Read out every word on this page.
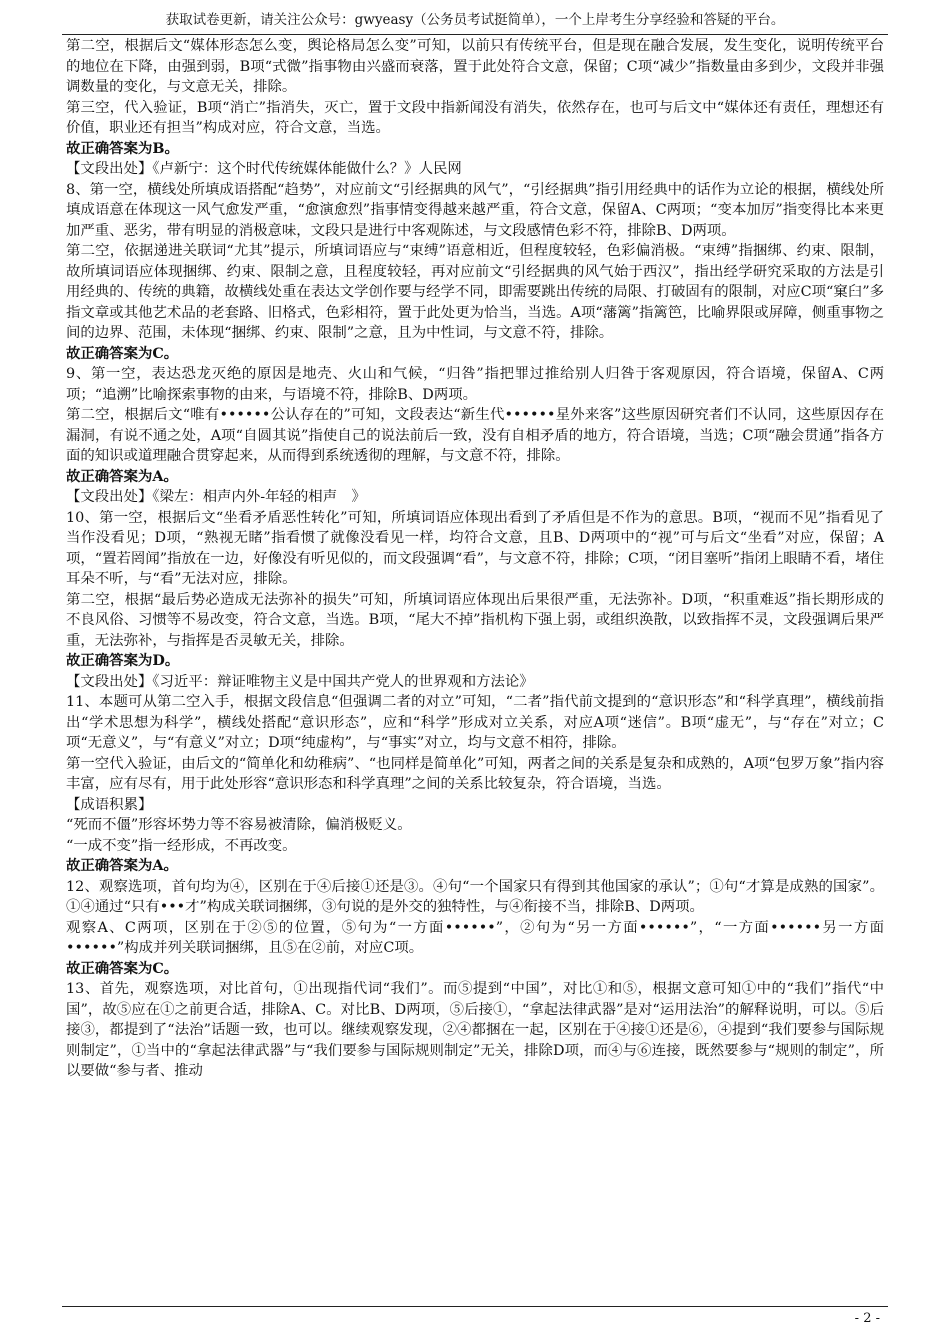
获取试卷更新，请关注公众号：gwyeasy（公务员考试挺简单），一个上岸考生分享经验和答疑的平台。

第二空，根据后文“媒体形态怎么变，舆论格局怎么变”可知，以前只有传统平台，但是现在融合发展，发生变化，说明传统平台的地位在下降，由强到弱，B项“式微”指事物由兴盛而衰落，置于此处符合文意，保留；C项“减少”指数量由多到少，文段并非强调数量的变化，与文意无关，排除。

第三空，代入验证，B项“消亡”指消失，灭亡，置于文段中指新闻没有消失，依然存在，也可与后文中“媒体还有责任，理想还有价值，职业还有担当”构成对应，符合文意，当选。

故正确答案为B。

【文段出处】《卢新宁：这个时代传统媒体能做什么？》人民网

8、第一空，横线处所填成语搭配“趋势”，对应前文“引经据典的风气”，“引经据典”指引用经典中的话作为立论的根据，横线处所填成语意在体现这一风气愈发严重，“愈演愈烈”指事情变得越来越严重，符合文意，保留A、C两项；“变本加厉”指变得比本来更加严重、恶劣，带有明显的消极意味，文段只是进行中客观陈述，与文段感情色彩不符，排除B、D两项。

第二空，依据递进关联词“尤其”提示，所填词语应与“束缚”语意相近，但程度较轻，色彩偏消极。“束缚”指捆绑、约束、限制，故所填词语应体现捆绑、约束、限制之意，且程度较轻，再对应前文“引经据典的风气始于西汉”，指出经学研究采取的方法是引用经典的、传统的典籍，故横线处重在表达文学创作要与经学不同，即需要跳出传统的局限、打破固有的限制，对应C项“窠臼”多指文章或其他艺术品的老套路、旧格式，色彩相符，置于此处更为恰当，当选。A项“藩篱”指篱笆，比喻界限或屏障，侧重事物之间的边界、范围，未体现“捆绑、约束、限制”之意，且为中性词，与文意不符，排除。

故正确答案为C。

9、第一空，表达恐龙灭绝的原因是地壳、火山和气候，“归咎”指把罪过推给别人归咎于客观原因，符合语境，保留A、C两项；“追溯”比喻探索事物的由来，与语境不符，排除B、D两项。

第二空，根据后文“唯有••••••公认存在的”可知，文段表达“新生代••••••星外来客”这些原因研究者们不认同，这些原因存在漏洞，有说不通之处，A项“自圆其说”指使自己的说法前后一致，没有自相矛盾的地方，符合语境，当选；C项“融会贯通”指各方面的知识或道理融合贯穿起来，从而得到系统透彻的理解，与文意不符，排除。

故正确答案为A。

【文段出处】《梁左：相声内外-年轻的相声　》

10、第一空，根据后文“坐看矛盾恶性转化”可知，所填词语应体现出看到了矛盾但是不作为的意思。B项，“视而不见”指看见了当作没看见；D项，“熟视无睹”指看惯了就像没看见一样，均符合文意，且B、D两项中的“视”可与后文“坐看”对应，保留；A项，“置若罔闻”指放在一边，好像没有听见似的，而文段强调“看”，与文意不符，排除；C项，“闭目塞听”指闭上眼睛不看，堵住耳朵不听，与“看”无法对应，排除。

第二空，根据“最后势必造成无法弥补的损失”可知，所填词语应体现出后果很严重，无法弥补。D项，“积重难返”指长期形成的不良风俗、习惯等不易改变，符合文意，当选。B项，“尾大不掉”指机构下强上弱，或组织涣散，以致指挥不灵，文段强调后果严重，无法弥补，与指挥是否灵敏无关，排除。

故正确答案为D。

【文段出处】《习近平：辩证唯物主义是中国共产党人的世界观和方法论》

11、本题可从第二空入手，根据文段信息“但强调二者的对立”可知，“二者”指代前文提到的“意识形态”和“科学真理”，横线前指出“学术思想为科学”，横线处搭配“意识形态”，应和“科学”形成对立关系，对应A项“迷信”。B项“虚无”，与“存在”对立；C项“无意义”，与“有意义”对立；D项“纯虚构”，与“事实”对立，均与文意不相符，排除。

第一空代入验证，由后文的“简单化和幼稚病”、“也同样是简单化”可知，两者之间的关系是复杂和成熟的，A项“包罗万象”指内容丰富，应有尽有，用于此处形容“意识形态和科学真理”之间的关系比较复杂，符合语境，当选。

【成语积累】

“死而不僵”形容坏势力等不容易被清除，偏消极贬义。

“一成不变”指一经形成，不再改变。

故正确答案为A。

12、观察选项，首句均为④，区别在于④后接①还是③。④句“一个国家只有得到其他国家的承认”；①句“才算是成熟的国家”。①④通过“只有•••才”构成关联词捆绑，③句说的是外交的独特性，与④衔接不当，排除B、D两项。

观察A、C两项，区别在于②⑤的位置，⑤句为“一方面••••••”，②句为“另一方面••••••”，“一方面••••••另一方面••••••”构成并列关联词捆绑，且⑤在②前，对应C项。

故正确答案为C。

13、首先，观察选项，对比首句，①出现指代词“我们”。而⑤提到“中国”，对比①和⑤，根据文意可知①中的“我们”指代“中国”，故⑤应在①之前更合适，排除A、C。对比B、D两项，⑤后接①，“拿起法律武器”是对“运用法治”的解释说明，可以。⑤后接③，都提到了“法治”话题一致，也可以。继续观察发现，②④都捆在一起，区别在于④接①还是⑥，④提到“我们要参与国际规则制定”，①当中的“拿起法律武器”与“我们要参与国际规则制定”无关，排除D项，而④与⑥连接，既然要参与“规则的制定”，所以要做“参与者、推动

- 2 -
